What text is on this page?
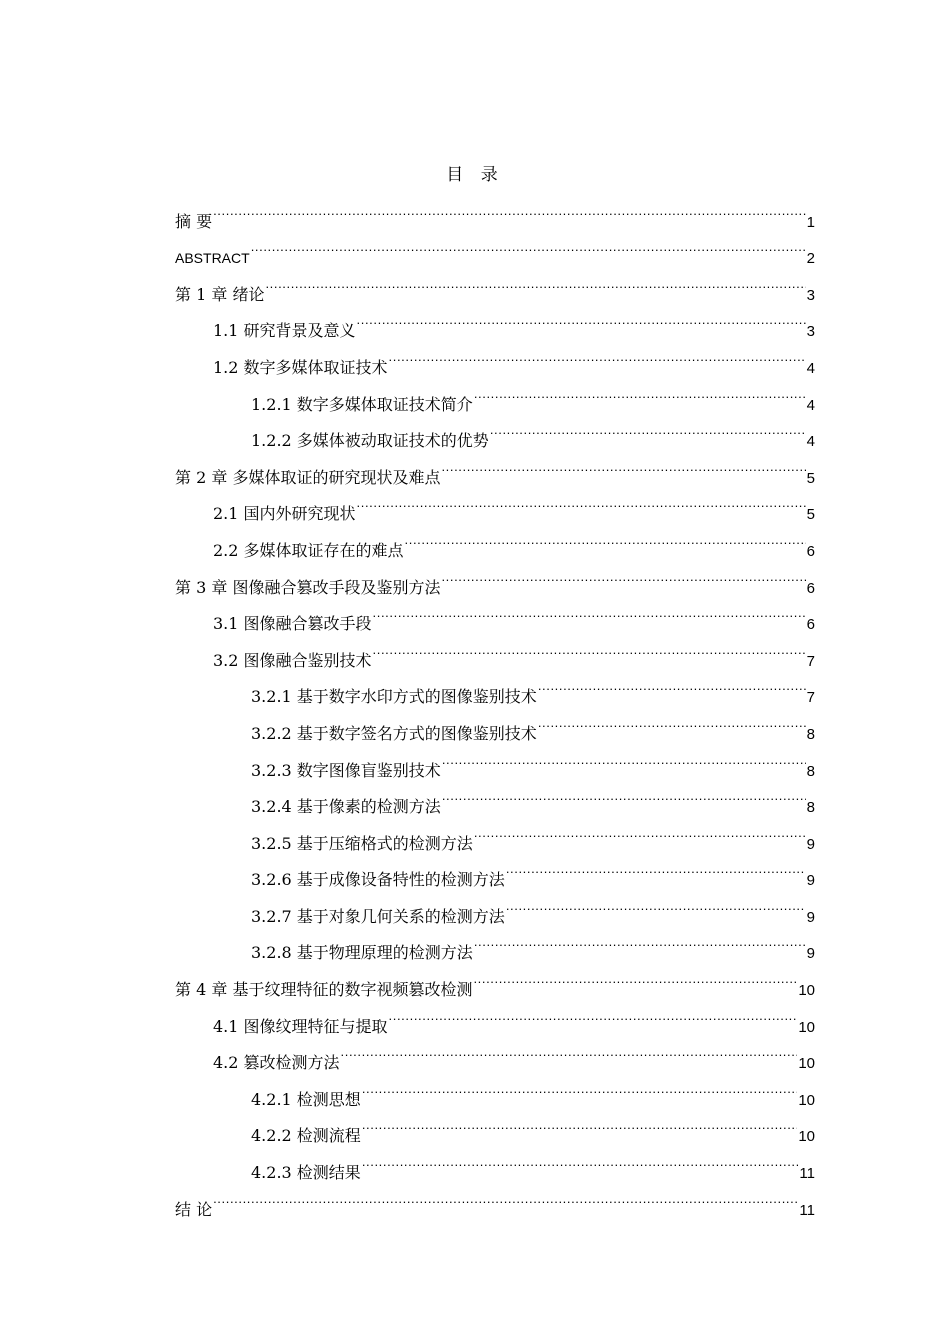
目 录
摘 要 .....	1
ABSTRACT .....	2
第 1 章 绪论 .....	3
1.1 研究背景及意义 .....	3
1.2 数字多媒体取证技术 .....	4
1.2.1 数字多媒体取证技术简介 .....	4
1.2.2 多媒体被动取证技术的优势 .....	4
第 2 章 多媒体取证的研究现状及难点 .....	5
2.1 国内外研究现状 .....	5
2.2 多媒体取证存在的难点 .....	6
第 3 章 图像融合篡改手段及鉴别方法 .....	6
3.1 图像融合篡改手段 .....	6
3.2 图像融合鉴别技术 .....	7
3.2.1 基于数字水印方式的图像鉴别技术 .....	7
3.2.2 基于数字签名方式的图像鉴别技术 .....	8
3.2.3 数字图像盲鉴别技术 .....	8
3.2.4 基于像素的检测方法 .....	8
3.2.5 基于压缩格式的检测方法 .....	9
3.2.6 基于成像设备特性的检测方法 .....	9
3.2.7 基于对象几何关系的检测方法 .....	9
3.2.8 基于物理原理的检测方法 .....	9
第 4 章 基于纹理特征的数字视频篡改检测 .....	10
4.1 图像纹理特征与提取 .....	10
4.2 篡改检测方法 .....	10
4.2.1 检测思想 .....	10
4.2.2 检测流程 .....	10
4.2.3 检测结果 .....	11
结 论 .....	11
